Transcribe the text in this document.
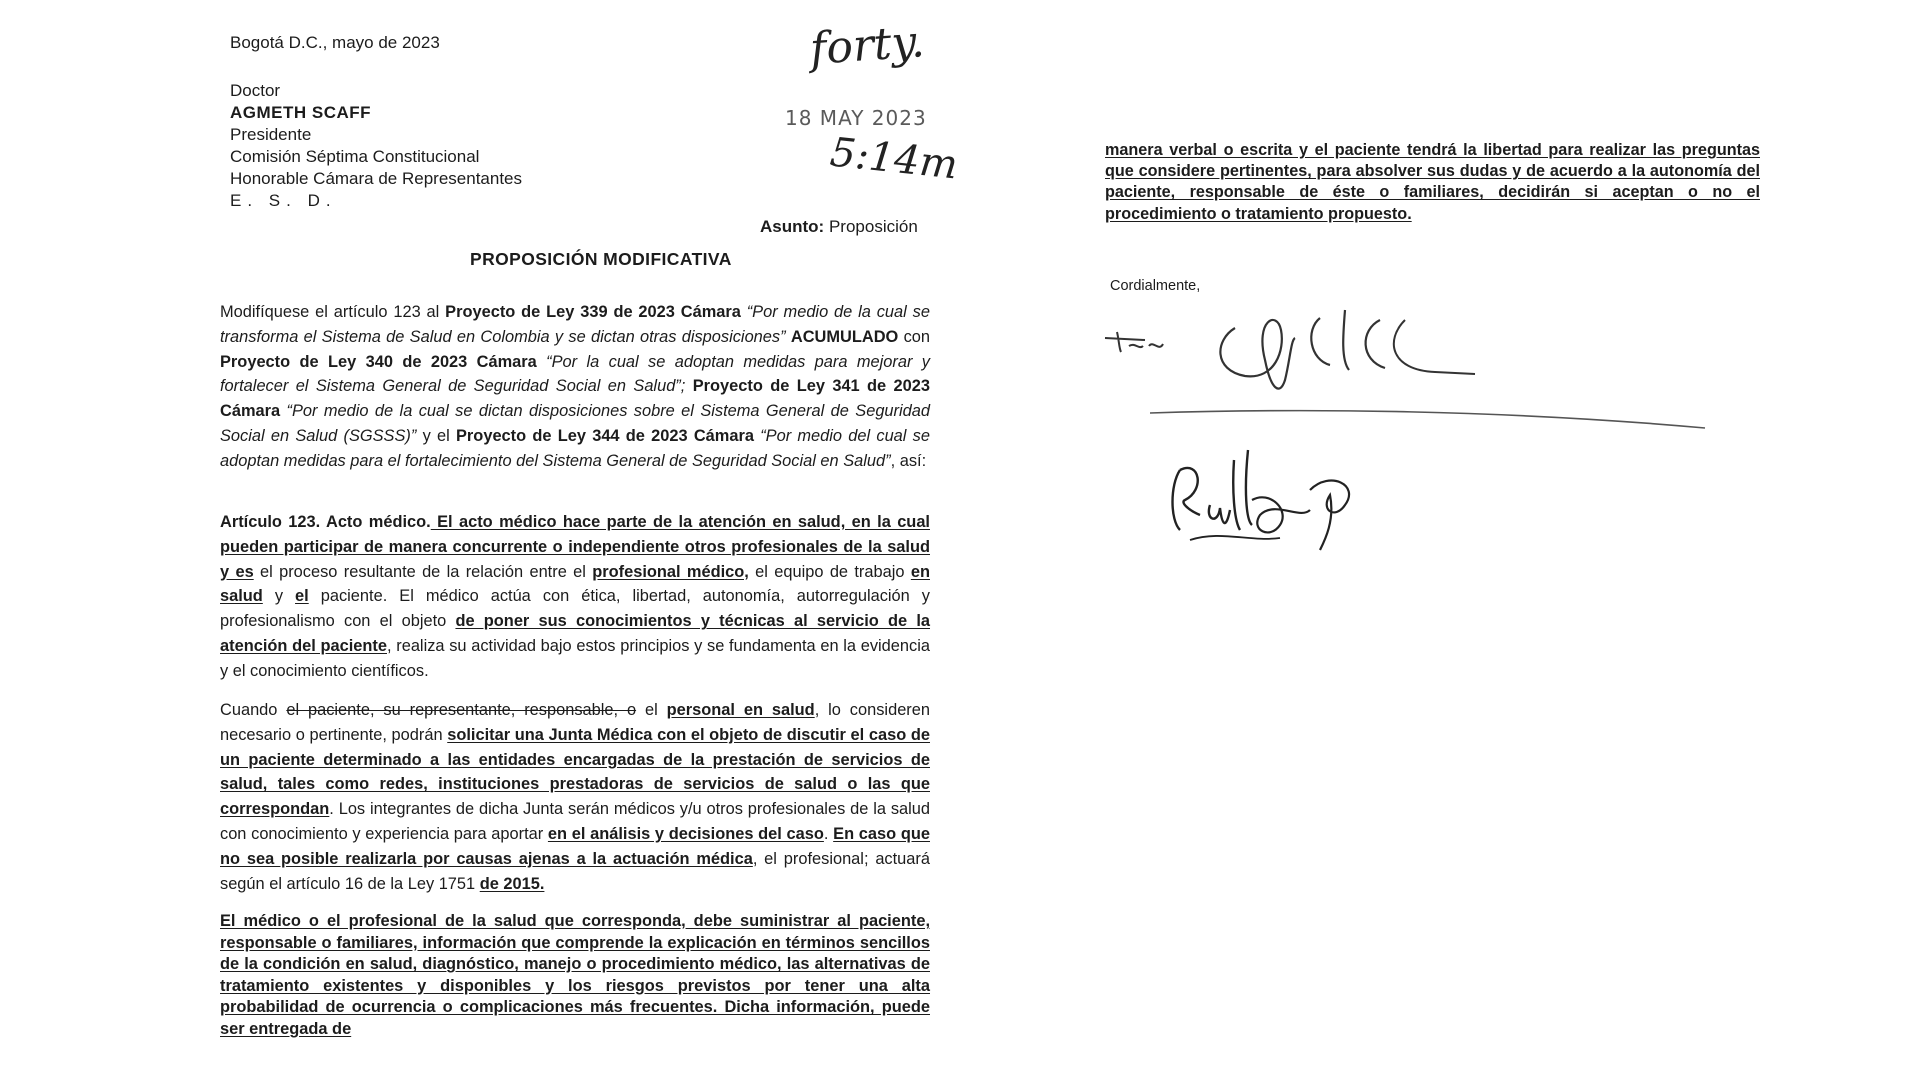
Bogotá D.C., mayo de 2023
Doctor
AGMETH SCAFF
Presidente
Comisión Séptima Constitucional
Honorable Cámara de Representantes
E. S. D.
forty.
18 MAY 2023
5:14m
Asunto: Proposición
PROPOSICIÓN MODIFICATIVA
Modifíquese el artículo 123 al Proyecto de Ley 339 de 2023 Cámara “Por medio de la cual se transforma el Sistema de Salud en Colombia y se dictan otras disposiciones” ACUMULADO con Proyecto de Ley 340 de 2023 Cámara “Por la cual se adoptan medidas para mejorar y fortalecer el Sistema General de Seguridad Social en Salud”; Proyecto de Ley 341 de 2023 Cámara “Por medio de la cual se dictan disposiciones sobre el Sistema General de Seguridad Social en Salud (SGSSS)” y el Proyecto de Ley 344 de 2023 Cámara “Por medio del cual se adoptan medidas para el fortalecimiento del Sistema General de Seguridad Social en Salud”, así:
Artículo 123. Acto médico. El acto médico hace parte de la atención en salud, en la cual pueden participar de manera concurrente o independiente otros profesionales de la salud y es el proceso resultante de la relación entre el profesional médico, el equipo de trabajo en salud y el paciente. El médico actúa con ética, libertad, autonomía, autorregulación y profesionalismo con el objeto de poner sus conocimientos y técnicas al servicio de la atención del paciente, realiza su actividad bajo estos principios y se fundamenta en la evidencia y el conocimiento científicos.
Cuando el paciente, su representante, responsable, o el personal en salud, lo consideren necesario o pertinente, podrán solicitar una Junta Médica con el objeto de discutir el caso de un paciente determinado a las entidades encargadas de la prestación de servicios de salud, tales como redes, instituciones prestadoras de servicios de salud o las que correspondan. Los integrantes de dicha Junta serán médicos y/u otros profesionales de la salud con conocimiento y experiencia para aportar en el análisis y decisiones del caso. En caso que no sea posible realizarla por causas ajenas a la actuación médica, el profesional; actuará según el artículo 16 de la Ley 1751 de 2015.
El médico o el profesional de la salud que corresponda, debe suministrar al paciente, responsable o familiares, información que comprende la explicación en términos sencillos de la condición en salud, diagnóstico, manejo o procedimiento médico, las alternativas de tratamiento existentes y disponibles y los riesgos previstos por tener una alta probabilidad de ocurrencia o complicaciones más frecuentes. Dicha información, puede ser entregada de
manera verbal o escrita y el paciente tendrá la libertad para realizar las preguntas que considere pertinentes, para absolver sus dudas y de acuerdo a la autonomía del paciente, responsable de éste o familiares, decidirán si aceptan o no el procedimiento o tratamiento propuesto.
Cordialmente,
